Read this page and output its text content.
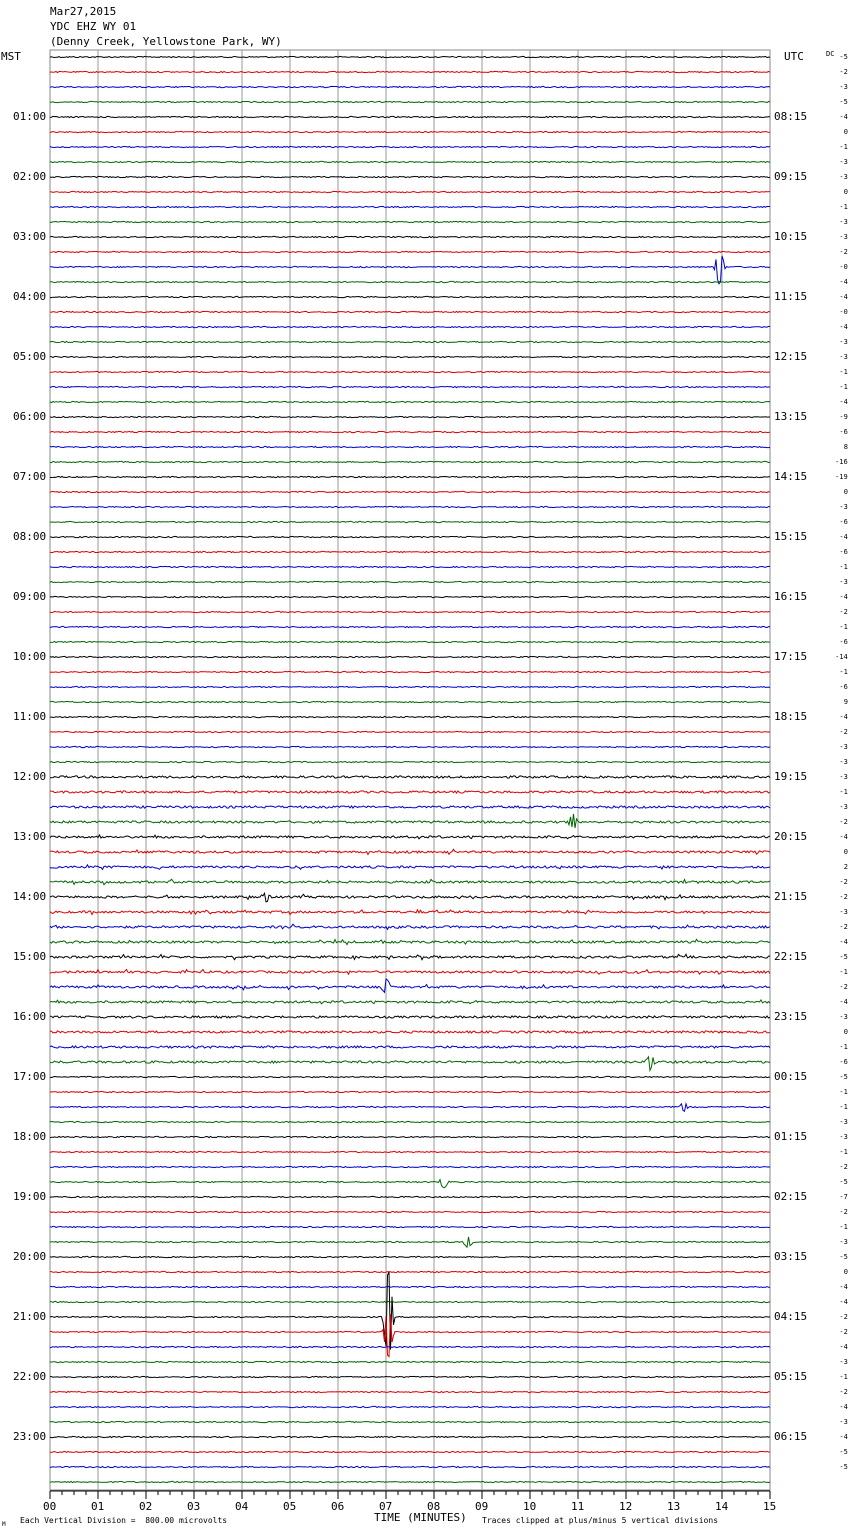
Mar27,2015
YDC EHZ WY 01
(Denny Creek, Yellowstone Park, WY)
MST	UTC	DC
01:00
02:00
03:00
04:00
05:00
06:00
07:00
08:00
09:00
10:00
11:00
12:00
13:00
14:00
15:00
16:00
17:00
18:00
19:00
20:00
21:00
22:00
23:00
08:15
09:15
10:15
11:15
12:15
13:15
14:15
15:15
16:15
17:15
18:15
19:15
20:15
21:15
22:15
23:15
00:15
01:15
02:15
03:15
04:15
05:15
06:15
-5
-2
-3
-5
-4
0
-1
-3
-3
0
-1
-3
-3
-2
-0
-4
-4
-0
-4
-3
-3
-1
-1
-4
-9
-6
8
-16
-19
0
-3
-6
-4
-6
-1
-3
-4
-2
-1
-6
-14
-1
-6
9
-4
-2
-3
-3
-3
-1
-3
-2
-4
0
2
-2
-2
-3
-2
-4
-5
-1
-2
-4
-3
0
-1
-6
-5
-1
-1
-3
-3
-1
-2
-5
-7
-2
-1
-3
-5
0
-4
-4
-2
-2
-4
-3
-1
-2
-4
-3
-4
-5
-5
00	01	02	03	04	05	06	07	08	09	10	11	12	13	14	15
M Each Vertical Division =  800.00 microvolts	TIME (MINUTES) Traces clipped at plus/minus 5 vertical divisions
